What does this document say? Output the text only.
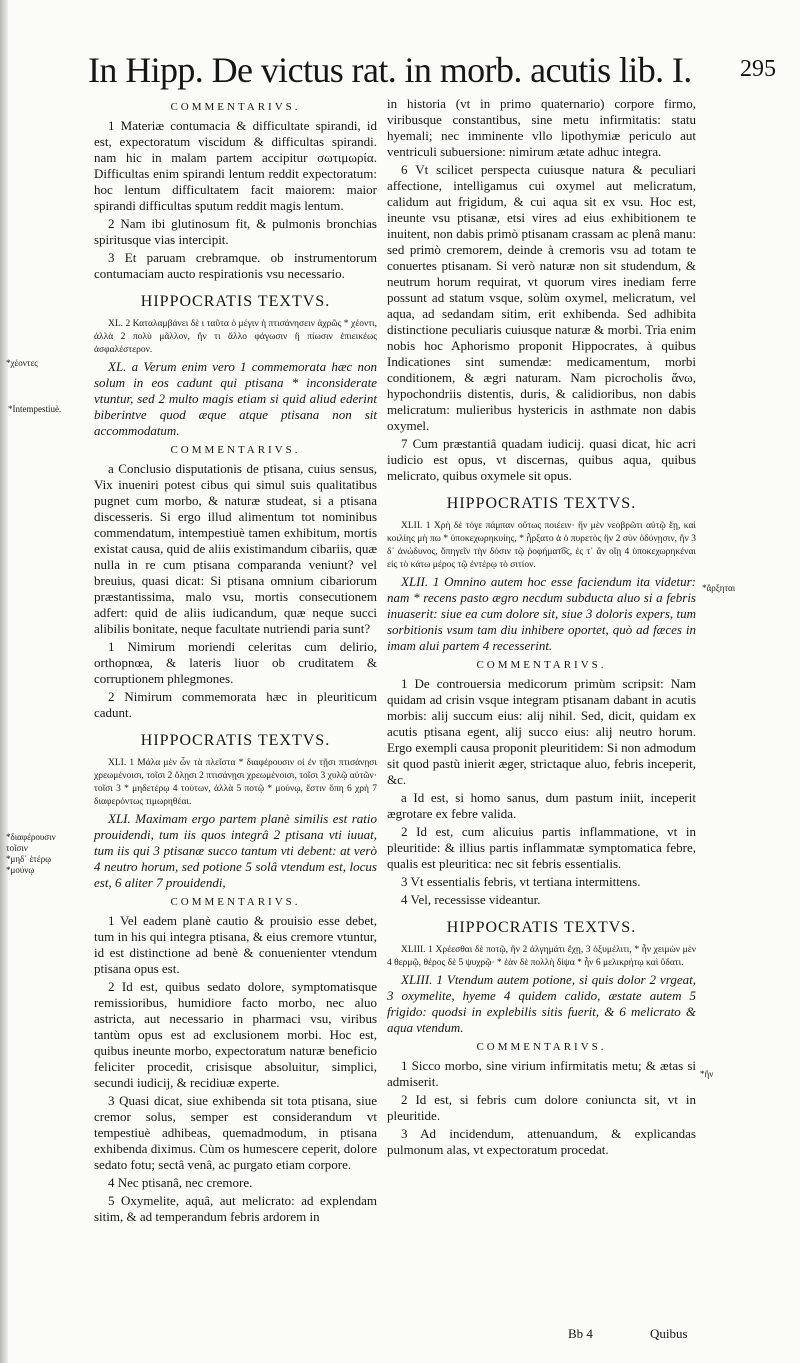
In Hipp. De victus rat. in morb. acutis lib. I.	295
COMMENTARIVS.

1 Materiæ contumacia & difficultate spirandi, id est, expectoratum viscidum & difficultas spirandi. nam hic in malam partem accipitur σωτιμωρία. Difficultas enim spirandi lentum reddit expectoratum: hoc lentum difficultatem facit maiorem: maior spirandi difficultas sputum reddit magis lentum.

2 Nam ibi glutinosum fit, & pulmonis bronchias spiritusque vias intercipit.

3 Et paruam crebramque. ob instrumentorum contumaciam aucto respirationis vsu necessario.

HIPPOCRATIS TEXTVS.

XL. 2 Καταλαμβάνει δὲ ι ταῦτα ὁ μέγιν ἡ πτισάνησειν ἀχρῶς * χέοντι, ἀλλὰ 2 πολὺ μᾶλλον, ἢν τι ἄλλο φάγωσιν ἢ πίωσιν ἐπιεικέως ἀσφαλέστερον.

XL. a Verum enim vero 1 commemorata hæc non solum in eos cadunt qui ptisana * inconsiderate vtuntur, sed 2 multo magis etiam si quid aliud ederint biberintve quod æque atque ptisana non sit accommodatum.

COMMENTARIVS.

a Conclusio disputationis de ptisana, cuius sensus, Vix inueniri potest cibus qui simul suis qualitatibus pugnet cum morbo, & naturæ studeat, si a ptisana discesseris. Si ergo illud alimentum tot nominibus commendatum, intempestiuè tamen exhibitum, mortis existat causa, quid de aliis existimandum cibariis, quæ nulla in re cum ptisana comparanda veniunt? vel breuius, quasi dicat: Si ptisana omnium cibariorum præstantissima, malo vsu, mortis consecutionem adfert: quid de aliis iudicandum, quæ neque succi alibilis bonitate, neque facultate nutriendi paria sunt?

1 Nimirum moriendi celeritas cum delirio, orthopnœa, & lateris liuor ob cruditatem & corruptionem phlegmones.

2 Nimirum commemorata hæc in pleuriticum cadunt.

HIPPOCRATIS TEXTVS.

XLI. 1 Μάλα μὲν ὦν τὰ πλεῖστα * διαφέρουσιν οἱ ἐν τῇσι πτισάνῃσι χρεωμένοισι, τοῖσι 2 ὅλῃσι 2 πτισάνῃσι χρεωμένοισι, τοῖσι 3 χυλῷ αὐτῶν· τοῖσι 3 * μηδετέρῳ 4 τούτων, ἀλλὰ 5 ποτῷ * μούνῳ, ἔστιν ὅπη 6 χρὴ 7 διαφερόντως τιμωρηθέαι.

XLI. Maximam ergo partem planè similis est ratio prouidendi, tum iis quos integrâ 2 ptisana vti iuuat, tum iis qui 3 ptisanæ succo tantum vti debent: at verò 4 neutro horum, sed potione 5 solâ vtendum est, locus est, 6 aliter 7 prouidendi,

COMMENTARIVS.

1 Vel eadem planè cautio & prouisio esse debet, tum in his qui integra ptisana, & eius cremore vtuntur, id est distinctione ad benè & conuenienter vtendum ptisana opus est.

2 Id est, quibus sedato dolore, symptomatisque remissioribus, humidiore facto morbo, nec aluo astricta, aut necessario in pharmaci vsu, viribus tantùm opus est ad exclusionem morbi. Hoc est, quibus ineunte morbo, expectoratum naturæ beneficio feliciter procedit, crisisque absoluitur, simplici, secundi iudicij, & recidiuæ experte.

3 Quasi dicat, siue exhibenda sit tota ptisana, siue cremor solus, semper est considerandum vt tempestiuè adhibeas, quemadmodum, in ptisana exhibenda diximus. Cùm os humescere ceperit, dolore sedato fotu; sectâ venâ, ac purgato etiam corpore.

4 Nec ptisanâ, nec cremore.

5 Oxymelite, aquâ, aut melicrato: ad explendam sitim, & ad temperandum febris ardorem in

in historia (vt in primo quaternario) corpore firmo, viribusque constantibus, sine metu infirmitatis: statu hyemali; nec imminente vllo lipothymiæ periculo aut ventriculi subuersione: nimirum ætate adhuc integra.

6 Vt scilicet perspecta cuiusque natura & peculiari affectione, intelligamus cui oxymel aut melicratum, calidum aut frigidum, & cui aqua sit ex vsu. Hoc est, ineunte vsu ptisanæ, etsi vires ad eius exhibitionem te inuitent, non dabis primò ptisanam crassam ac plenâ manu: sed primò cremorem, deinde à cremoris vsu ad totam te conuertes ptisanam. Si verò naturæ non sit studendum, & neutrum horum requirat, vt quorum vires inediam ferre possunt ad statum vsque, solùm oxymel, melicratum, vel aqua, ad sedandam sitim, erit exhibenda. Sed adhibita distinctione peculiaris cuiusque naturæ & morbi. Tria enim nobis hoc Aphorismo proponit Hippocrates, à quibus Indicationes sint sumendæ: medicamentum, morbi conditionem, & ægri naturam. Nam picrocholis ἄνω, hypochondriis distentis, duris, & calidioribus, non dabis melicratum: mulieribus hystericis in asthmate non dabis oxymel.

7 Cum præstantiâ quadam iudicij. quasi dicat, hic acri iudicio est opus, vt discernas, quibus aqua, quibus melicrato, quibus oxymele sit opus.

HIPPOCRATIS TEXTVS.

XLII. 1 Χρὴ δὲ τόγε πάμπαν οὕτως ποιέειν· ἢν μὲν νεοβρῶτι αὐτῷ ἔῃ, καὶ κοιλίης μὴ πω * ὑποκεχωρηκυίης, * ἦρξατο ἀ ὁ πυρετὸς ἢν 2 σὺν ὀδύνῃσιν, ἢν 3 δ᾽ ἀνώδυνος, ὅπηγεῖν τὴν δόσιν τῷ ῥοφήματ͡ος, ἐς τ᾽ ἂν οἴῃ 4 ὑποκεχωρηκέναι εἰς τὸ κάτω μέρος τῷ ἐντέρῳ τὸ σιτίον.

XLII. 1 Omnino autem hoc esse faciendum ita videtur: nam * recens pasto ægro necdum subducta aluo si a febris inuaserit: siue ea cum dolore sit, siue 3 doloris expers, tum sorbitionis vsum tam diu inhibere oportet, quò ad fæces in imam alui partem 4 recesserint.

COMMENTARIVS.

1 De controuersia medicorum primùm scripsit: Nam quidam ad crisin vsque integram ptisanam dabant in acutis morbis: alij succum eius: alij nihil. Sed, dicit, quidam ex acutis ptisana egent, alij succo eius: alij neutro horum. Ergo exempli causa proponit pleuritidem: Si non admodum sit quod pastù inierit æger, strictaque aluo, febris inceperit, &c.

a Id est, si homo sanus, dum pastum iniit, inceperit ægrotare ex febre valida.

2 Id est, cum alicuius partis inflammatione, vt in pleuritide: & illius partis inflammatæ symptomatica febre, qualis est pleuritica: nec sit febris essentialis.

3 Vt essentialis febris, vt tertiana intermittens.

4 Vel, recessisse videantur.

HIPPOCRATIS TEXTVS.

XLIII. 1 Χρέεσθαι δὲ ποτῷ, ἢν 2 ἀλγημάτι ἔχῃ, 3 ὀξυμέλιτι, * ἦν χειμὼν μὲν 4 θερμῷ, θέρος δὲ 5 ψυχρῷ· * ἐὰν δὲ πολλὴ δίψα * ἦν 6 μελικρήτῳ καὶ ὕδατι.

XLIII. 1 Vtendum autem potione, si quis dolor 2 vrgeat, 3 oxymelite, hyeme 4 quidem calido, æstate autem 5 frigido: quodsi in explebilis sitis fuerit, & 6 melicrato & aqua vtendum.

COMMENTARIVS.

1 Sicco morbo, sine virium infirmitatis metu; & ætas si admiserit.

2 Id est, si febris cum dolore coniuncta sit, vt in pleuritide.

3 Ad incidendum, attenuandum, & explicandas pulmonum alas, vt expectoratum procedat.

*χέοντες
*Intempestiuè.
*διαφέρουσιν
τοῖσιν
*μηδ᾽ ἑτέρῳ
*μούνῳ
*ἄρξηται
*ἢν
Bb 4	Quibus
